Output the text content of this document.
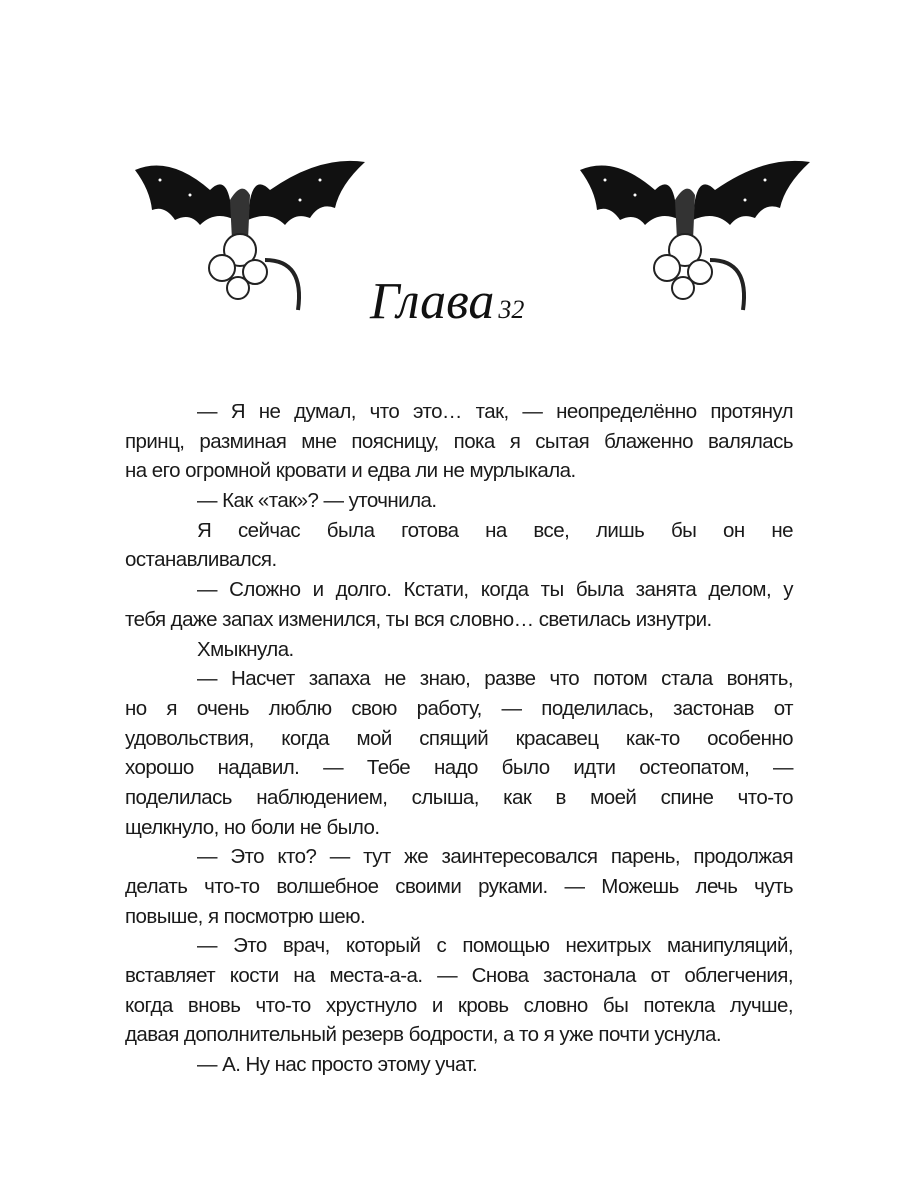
Глава 32
— Я не думал, что это… так, — неопределённо протянул
принц, разминая мне поясницу, пока я сытая блаженно валялась
на его огромной кровати и едва ли не мурлыкала.
— Как «так»? — уточнила.
Я сейчас была готова на все, лишь бы он не
останавливался.
— Сложно и долго. Кстати, когда ты была занята делом, у
тебя даже запах изменился, ты вся словно… светилась изнутри.
Хмыкнула.
— Насчет запаха не знаю, разве что потом стала вонять,
но я очень люблю свою работу, — поделилась, застонав от
удовольствия, когда мой спящий красавец как-то особенно
хорошо надавил. — Тебе надо было идти остеопатом, —
поделилась наблюдением, слыша, как в моей спине что-то
щелкнуло, но боли не было.
— Это кто? — тут же заинтересовался парень, продолжая
делать что-то волшебное своими руками. — Можешь лечь чуть
повыше, я посмотрю шею.
— Это врач, который с помощью нехитрых манипуляций,
вставляет кости на места-а-а. — Снова застонала от облегчения,
когда вновь что-то хрустнуло и кровь словно бы потекла лучше,
давая дополнительный резерв бодрости, а то я уже почти уснула.
— А. Ну нас просто этому учат.
